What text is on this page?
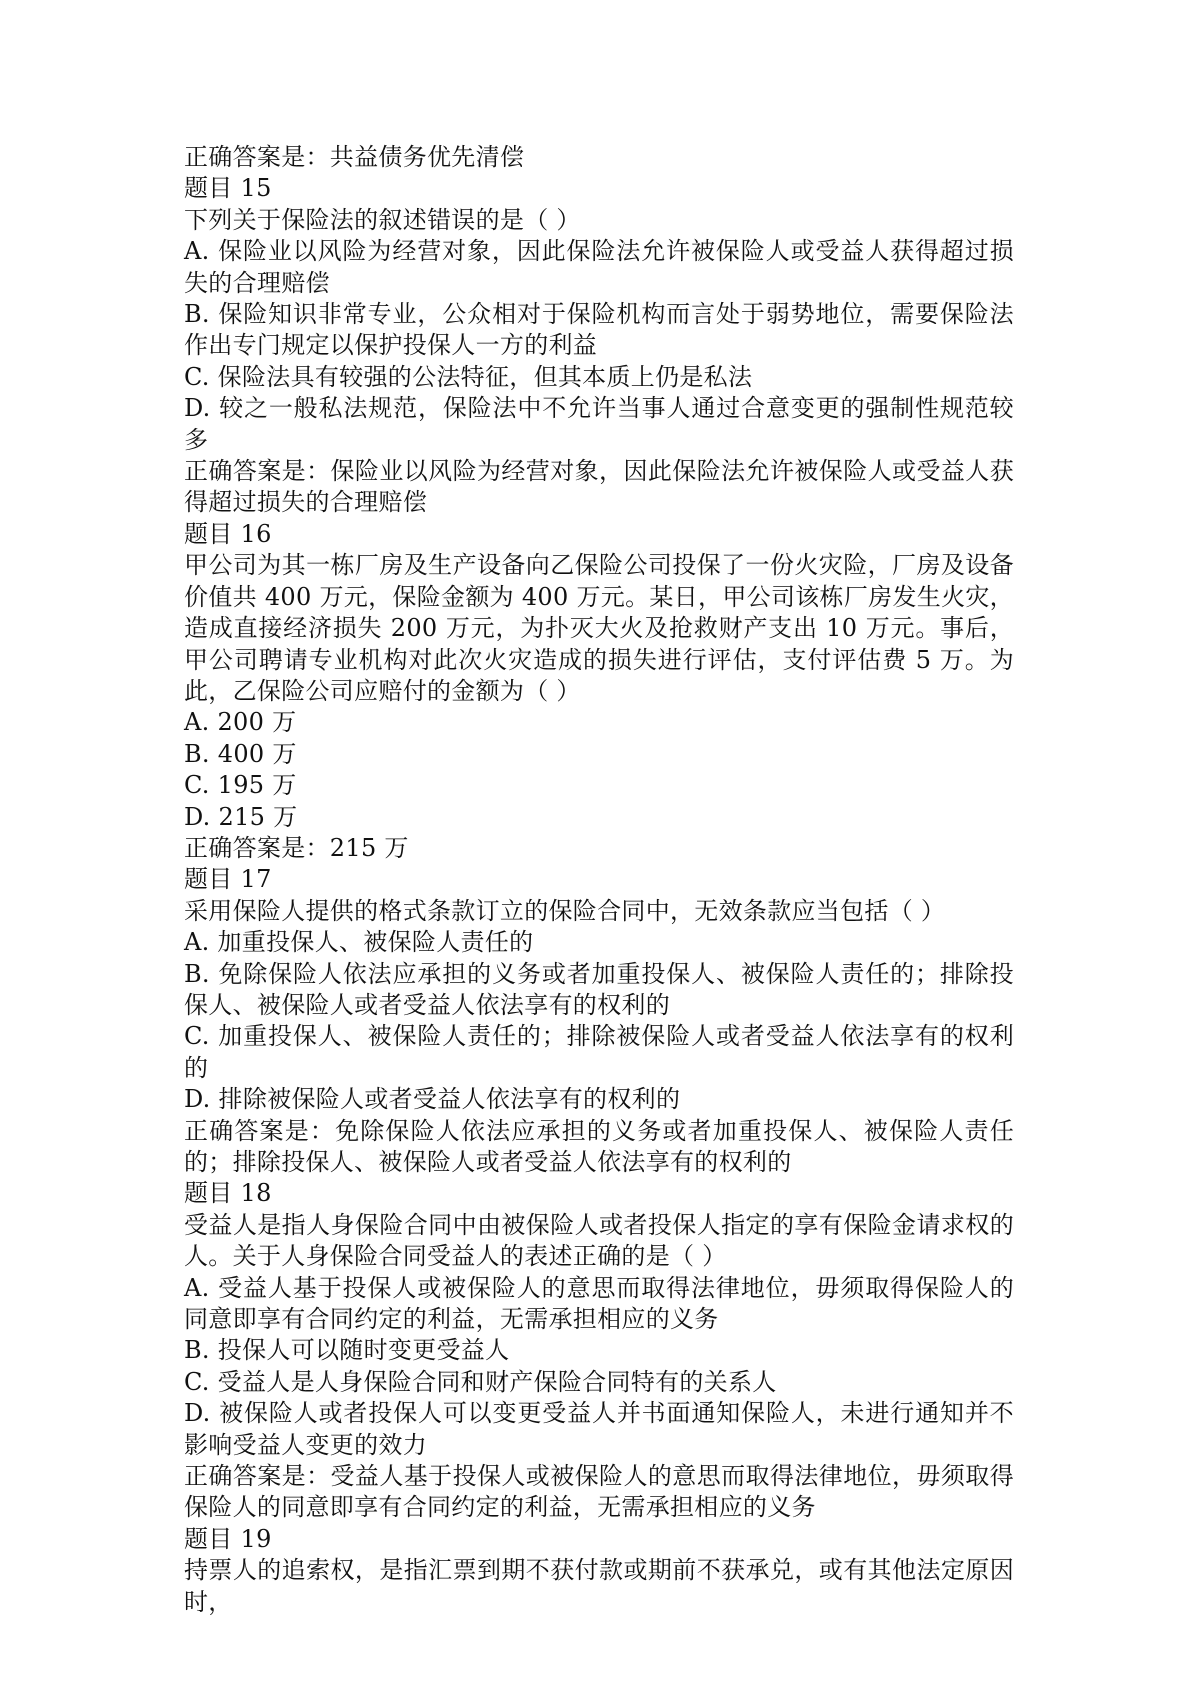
正确答案是：共益债务优先清偿
题目 15
下列关于保险法的叙述错误的是（ ）
A. 保险业以风险为经营对象，因此保险法允许被保险人或受益人获得超过损失的合理赔偿
B. 保险知识非常专业，公众相对于保险机构而言处于弱势地位，需要保险法作出专门规定以保护投保人一方的利益
C. 保险法具有较强的公法特征，但其本质上仍是私法
D. 较之一般私法规范，保险法中不允许当事人通过合意变更的强制性规范较多
正确答案是：保险业以风险为经营对象，因此保险法允许被保险人或受益人获得超过损失的合理赔偿
题目 16
甲公司为其一栋厂房及生产设备向乙保险公司投保了一份火灾险，厂房及设备价值共 400 万元，保险金额为 400 万元。某日，甲公司该栋厂房发生火灾，造成直接经济损失 200 万元，为扑灭大火及抢救财产支出 10 万元。事后，甲公司聘请专业机构对此次火灾造成的损失进行评估，支付评估费 5 万。为此，乙保险公司应赔付的金额为（ ）
A. 200 万
B. 400 万
C. 195 万
D. 215 万
正确答案是：215 万
题目 17
采用保险人提供的格式条款订立的保险合同中，无效条款应当包括（ ）
A. 加重投保人、被保险人责任的
B. 免除保险人依法应承担的义务或者加重投保人、被保险人责任的；排除投保人、被保险人或者受益人依法享有的权利的
C. 加重投保人、被保险人责任的；排除被保险人或者受益人依法享有的权利的
D. 排除被保险人或者受益人依法享有的权利的
正确答案是：免除保险人依法应承担的义务或者加重投保人、被保险人责任的；排除投保人、被保险人或者受益人依法享有的权利的
题目 18
受益人是指人身保险合同中由被保险人或者投保人指定的享有保险金请求权的人。关于人身保险合同受益人的表述正确的是（ ）
A. 受益人基于投保人或被保险人的意思而取得法律地位，毋须取得保险人的同意即享有合同约定的利益，无需承担相应的义务
B. 投保人可以随时变更受益人
C. 受益人是人身保险合同和财产保险合同特有的关系人
D. 被保险人或者投保人可以变更受益人并书面通知保险人，未进行通知并不影响受益人变更的效力
正确答案是：受益人基于投保人或被保险人的意思而取得法律地位，毋须取得保险人的同意即享有合同约定的利益，无需承担相应的义务
题目 19
持票人的追索权，是指汇票到期不获付款或期前不获承兑，或有其他法定原因时，
